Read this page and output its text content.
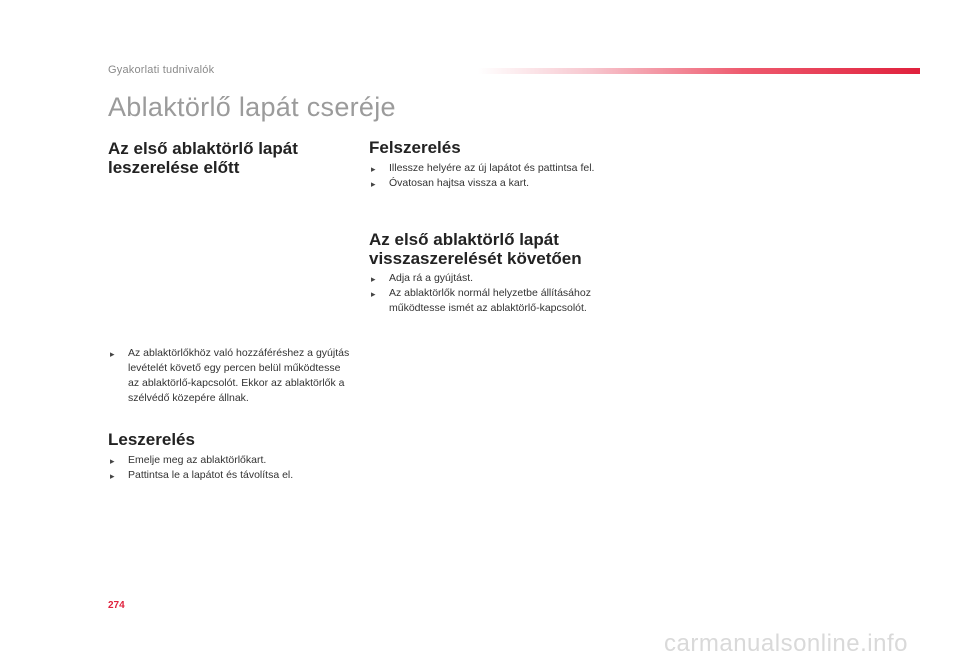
Gyakorlati tudnivalók
Ablaktörlő lapát cseréje
Az első ablaktörlő lapát leszerelése előtt
▸ Az ablaktörlőkhöz való hozzáféréshez a gyújtás levételét követő egy percen belül működtesse az ablaktörlő-kapcsolót. Ekkor az ablaktörlők a szélvédő közepére állnak.
Leszerelés
▸ Emelje meg az ablaktörlőkart.
▸ Pattintsa le a lapátot és távolítsa el.
Felszerelés
▸ Illessze helyére az új lapátot és pattintsa fel.
▸ Óvatosan hajtsa vissza a kart.
Az első ablaktörlő lapát visszaszerelését követően
▸ Adja rá a gyújtást.
▸ Az ablaktörlők normál helyzetbe állításához működtesse ismét az ablaktörlő-kapcsolót.
274
carmanualsonline.info
